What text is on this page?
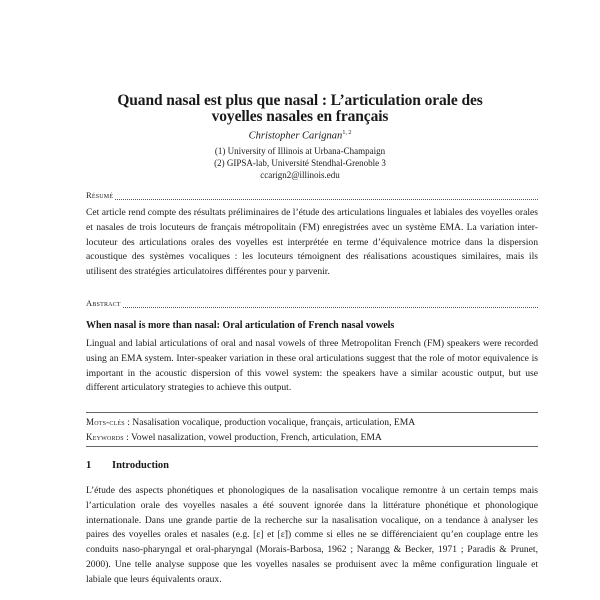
Quand nasal est plus que nasal : L’articulation orale des
voyelles nasales en français
Christopher Carignan$^{1, 2}$
(1) University of Illinois at Urbana-Champaign
(2) GIPSA-lab, Université Stendhal-Grenoble 3
ccarign2@illinois.edu
Résumé

Cet article rend compte des résultats préliminaires de l’étude des articulations linguales et labiales des voyelles orales et nasales de trois locuteurs de français métropolitain (FM) enregistrées avec un système EMA. La variation inter-locuteur des articulations orales des voyelles est interprétée en terme d’équivalence motrice dans la dispersion acoustique des systèmes vocaliques : les locuteurs témoignent des réalisations acoustiques similaires, mais ils utilisent des stratégies articulatoires différentes pour y parvenir.

Abstract
When nasal is more than nasal: Oral articulation of French nasal vowels

Lingual and labial articulations of oral and nasal vowels of three Metropolitan French (FM) speakers were recorded using an EMA system. Inter-speaker variation in these oral articulations suggest that the role of motor equivalence is important in the acoustic dispersion of this vowel system: the speakers have a similar acoustic output, but use different articulatory strategies to achieve this output.

Mots-clés : Nasalisation vocalique, production vocalique, français, articulation, EMA
Keywords : Vowel nasalization, vowel production, French, articulation, EMA
1 Introduction

L’étude des aspects phonétiques et phonologiques de la nasalisation vocalique remontre à un certain temps mais l’articulation orale des voyelles nasales a été souvent ignorée dans la littérature phonétique et phonologique internationale. Dans une grande partie de la recherche sur la nasalisation vocalique, on a tendance à analyser les paires des voyelles orales et nasales (e.g. [ɛ] et [ɛ̃]) comme si elles ne se différenciaient qu’en couplage entre les conduits naso-pharyngal et oral-pharyngal (Morais-Barbosa, 1962 ; Narangg & Becker, 1971 ; Paradis & Prunet, 2000). Une telle analyse suppose que les voyelles nasales se produisent avec la même configuration linguale et labiale que leurs équivalents oraux.
